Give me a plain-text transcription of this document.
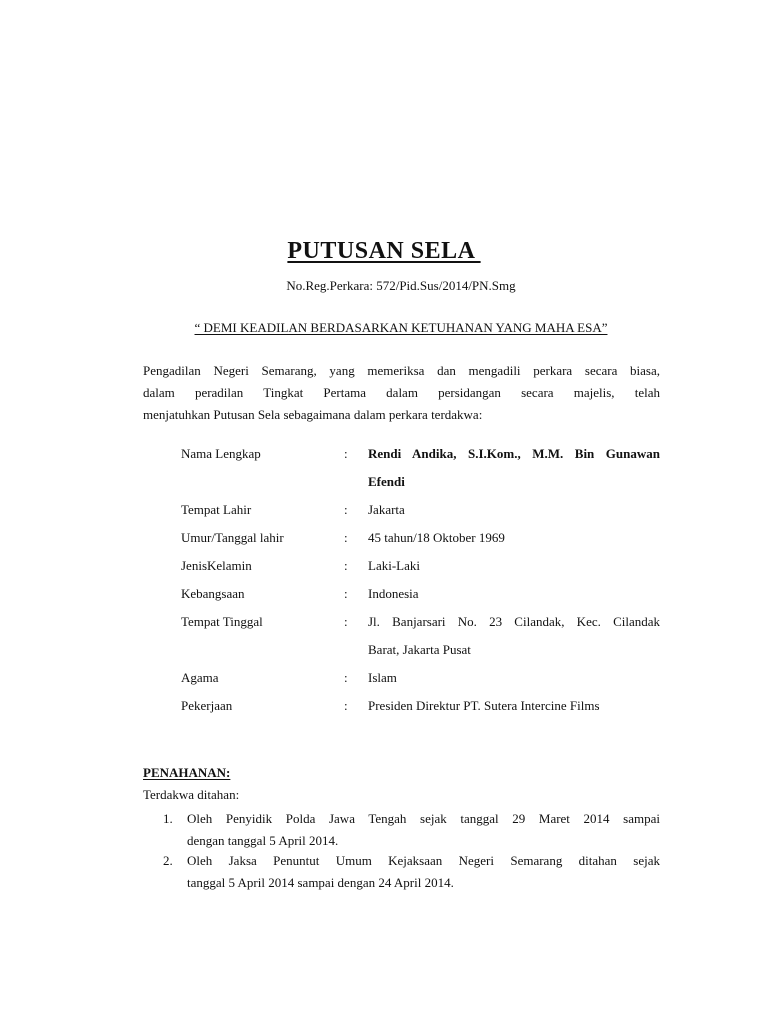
PUTUSAN SELA
No.Reg.Perkara: 572/Pid.Sus/2014/PN.Smg
“ DEMI KEADILAN BERDASARKAN KETUHANAN YANG MAHA ESA”
Pengadilan Negeri Semarang, yang memeriksa dan mengadili perkara secara biasa,
dalam peradilan Tingkat Pertama dalam persidangan secara majelis, telah
menjatuhkan Putusan Sela sebagaimana dalam perkara terdakwa:
Nama Lengkap	: Rendi Andika, S.I.Kom., M.M. Bin Gunawan
Efendi
Tempat Lahir	: Jakarta
Umur/Tanggal lahir	: 45 tahun/18 Oktober 1969
JenisKelamin	: Laki-Laki
Kebangsaan	: Indonesia
Tempat Tinggal	: Jl. Banjarsari No. 23 Cilandak, Kec. Cilandak
Barat, Jakarta Pusat
Agama	: Islam
Pekerjaan	: Presiden Direktur PT. Sutera Intercine Films
PENAHANAN:
Terdakwa ditahan:
1. Oleh Penyidik Polda Jawa Tengah sejak tanggal 29 Maret 2014 sampai
dengan tanggal 5 April 2014.
2. Oleh Jaksa Penuntut Umum Kejaksaan Negeri Semarang ditahan sejak
tanggal 5 April 2014 sampai dengan 24 April 2014.
